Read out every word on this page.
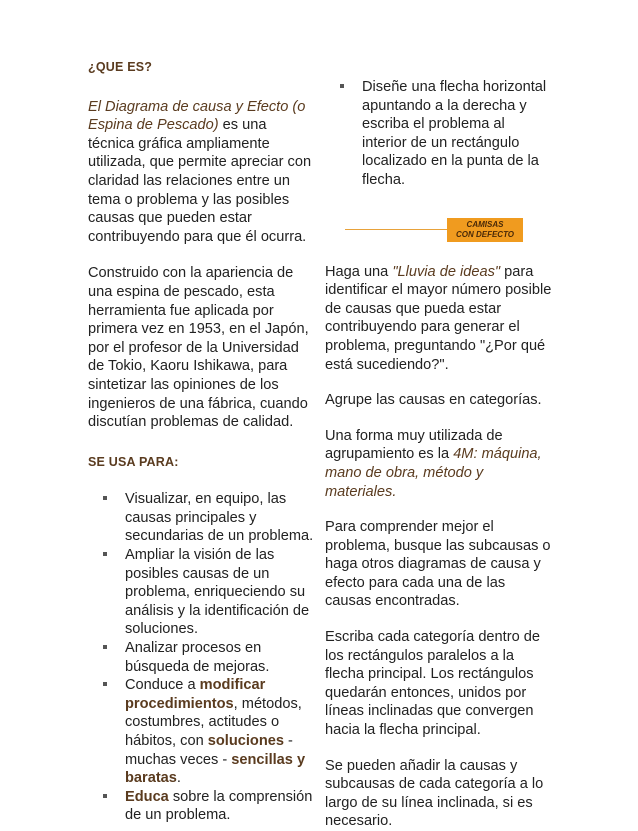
¿QUE ES?

El Diagrama de causa y Efecto (o Espina de Pescado) es una técnica gráfica ampliamente utilizada, que permite apreciar con claridad las relaciones entre un tema o problema y las posibles causas que pueden estar contribuyendo para que él ocurra.

Construido con la apariencia de una espina de pescado, esta herramienta fue aplicada por primera vez en 1953, en el Japón, por el profesor de la Universidad de Tokio, Kaoru Ishikawa, para sintetizar las opiniones de los ingenieros de una fábrica, cuando discutían problemas de calidad.

SE USA PARA:
Visualizar, en equipo, las causas principales y secundarias de un problema.
Ampliar la visión de las posibles causas de un problema, enriqueciendo su análisis y la identificación de soluciones.
Analizar procesos en búsqueda de mejoras.
Conduce a modificar procedimientos, métodos, costumbres, actitudes o hábitos, con soluciones - muchas veces - sencillas y baratas.
Educa sobre la comprensión de un problema.
Diseñe una flecha horizontal apuntando a la derecha y escriba el problema al interior de un rectángulo localizado en la punta de la flecha.
CAMISAS
CON DEFECTO

Haga una "Lluvia de ideas" para identificar el mayor número posible de causas que pueda estar contribuyendo para generar el problema, preguntando "¿Por qué está sucediendo?".

Agrupe las causas en categorías.

Una forma muy utilizada de agrupamiento es la 4M: máquina, mano de obra, método y materiales.

Para comprender mejor el problema, busque las subcausas o haga otros diagramas de causa y efecto para cada una de las causas encontradas.

Escriba cada categoría dentro de los rectángulos paralelos a la flecha principal. Los rectángulos quedarán entonces, unidos por líneas inclinadas que convergen hacia la flecha principal.

Se pueden añadir la causas y subcausas de cada categoría a lo largo de su línea inclinada, si es necesario.
